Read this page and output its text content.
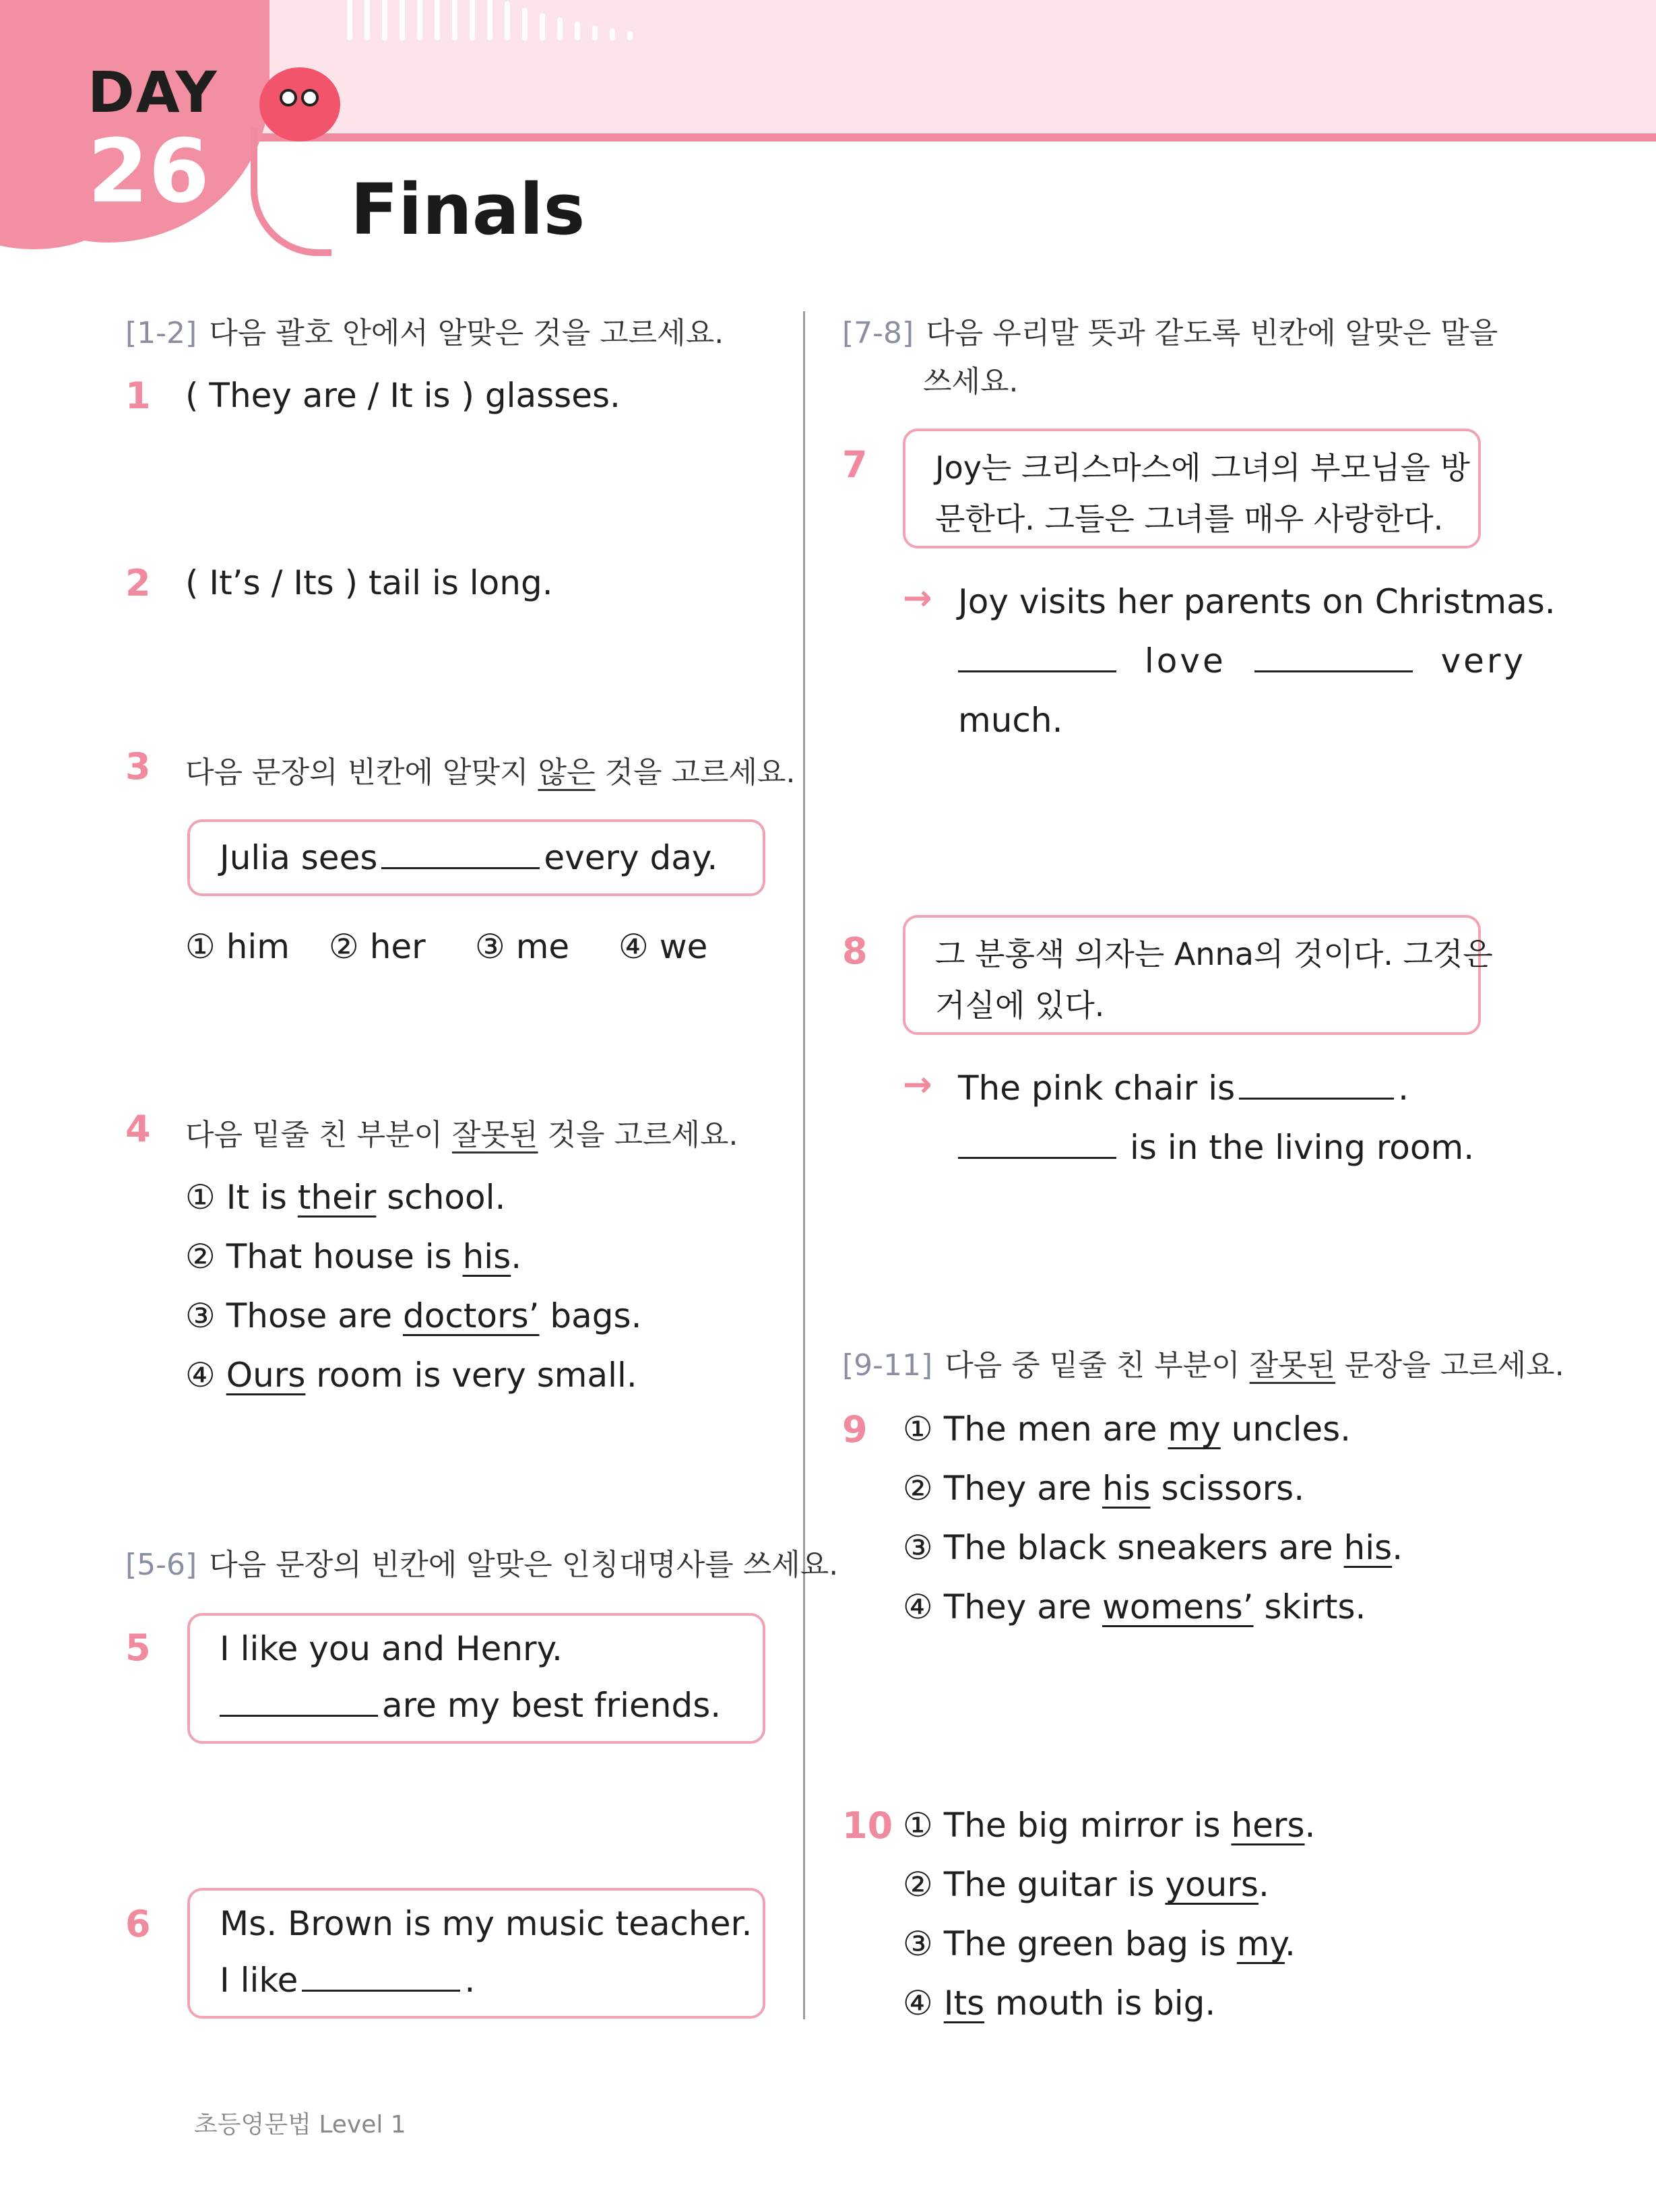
DAY
26 Finals
[1-2] 다음 괄호 안에서 알맞은 것을 고르세요.
1 ( They are / It is ) glasses.
2 ( It’s / Its ) tail is long.
3 다음 문장의 빈칸에 알맞지 않은 것을 고르세요.
Julia sees	every day.
① him ② her ③ me ④ we
4 다음 밑줄 친 부분이 잘못된 것을 고르세요.
① It is their school.
② That house is his.
③ Those are doctors’ bags.
④ Ours room is very small.
[5-6] 다음 문장의 빈칸에 알맞은 인칭대명사를 쓰세요.
5 I like you and Henry.
are my best friends.
6 Ms. Brown is my music teacher.
I like	.
[7-8] 다음 우리말 뜻과 같도록 빈칸에 알맞은 말을
쓰세요.
7 Joy는 크리스마스에 그녀의 부모님을 방
문한다. 그들은 그녀를 매우 사랑한다.
→ Joy visits her parents on Christmas.
love	very
much.
8 그 분홍색 의자는 Anna의 것이다. 그것은
거실에 있다.
→ The pink chair is	.
is in the living room.
[9-11] 다음 중 밑줄 친 부분이 잘못된 문장을 고르세요.
9 ① The men are my uncles.
② They are his scissors.
③ The black sneakers are his.
④ They are womens’ skirts.
10 ① The big mirror is hers.
② The guitar is yours.
③ The green bag is my.
④ Its mouth is big.
초등영문법 Level 1
